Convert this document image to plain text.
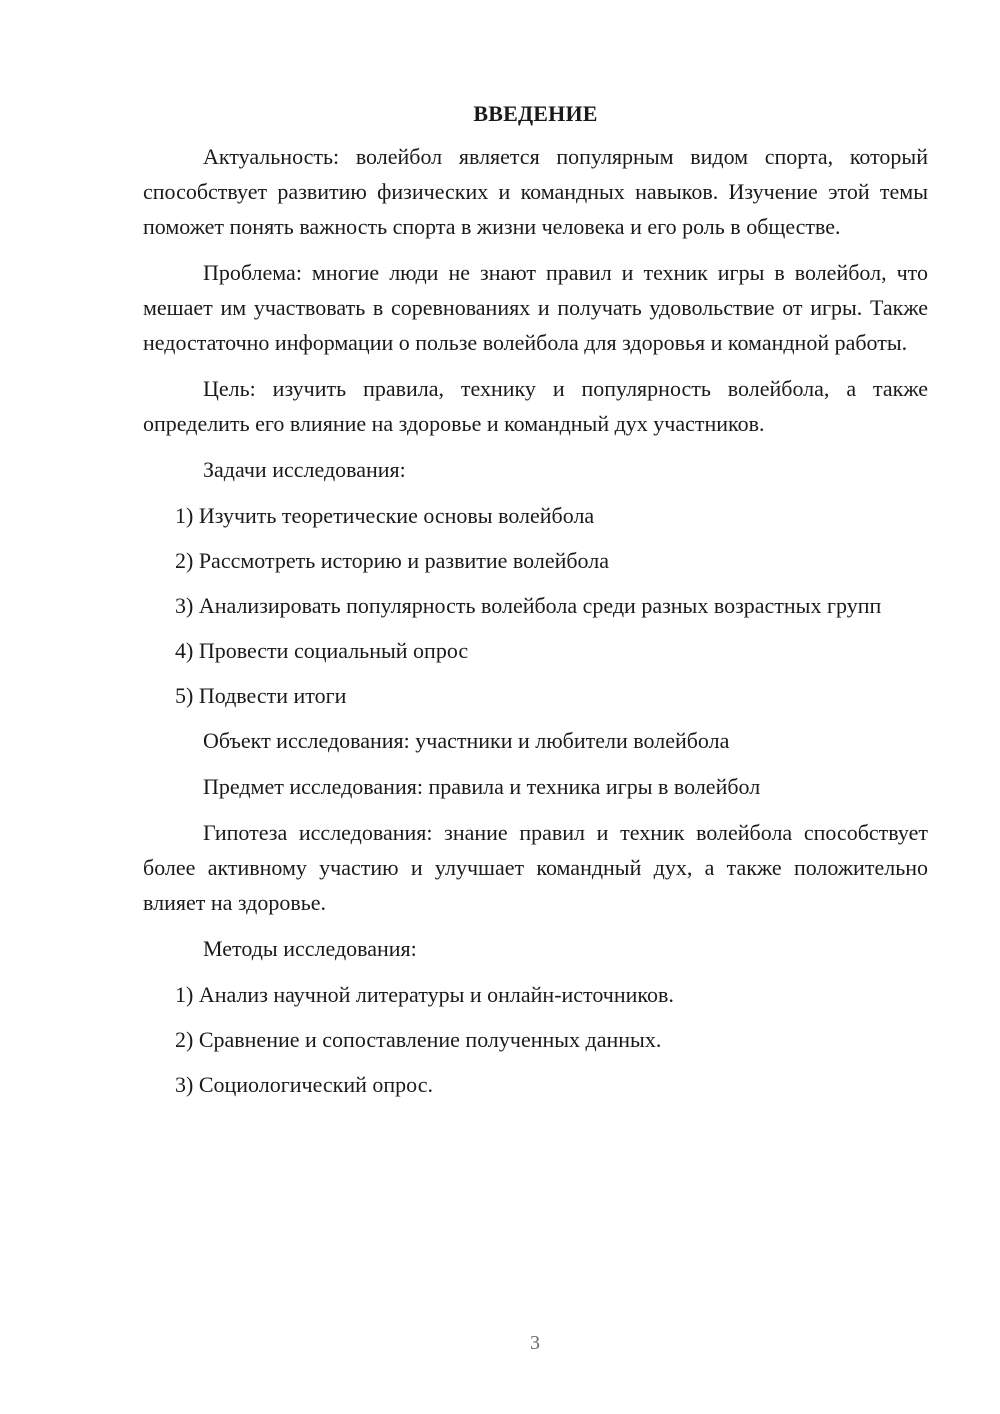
ВВЕДЕНИЕ

Актуальность: волейбол является популярным видом спорта, который способствует развитию физических и командных навыков. Изучение этой темы поможет понять важность спорта в жизни человека и его роль в обществе.

Проблема: многие люди не знают правил и техник игры в волейбол, что мешает им участвовать в соревнованиях и получать удовольствие от игры. Также недостаточно информации о пользе волейбола для здоровья и командной работы.

Цель: изучить правила, технику и популярность волейбола, а также определить его влияние на здоровье и командный дух участников.

Задачи исследования:

1) Изучить теоретические основы волейбола

2) Рассмотреть историю и развитие волейбола

3) Анализировать популярность волейбола среди разных возрастных групп

4) Провести социальный опрос

5) Подвести итоги

Объект исследования: участники и любители волейбола

Предмет исследования: правила и техника игры в волейбол

Гипотеза исследования: знание правил и техник волейбола способствует более активному участию и улучшает командный дух, а также положительно влияет на здоровье.

Методы исследования:

1) Анализ научной литературы и онлайн-источников.

2) Сравнение и сопоставление полученных данных.

3) Социологический опрос.

3
